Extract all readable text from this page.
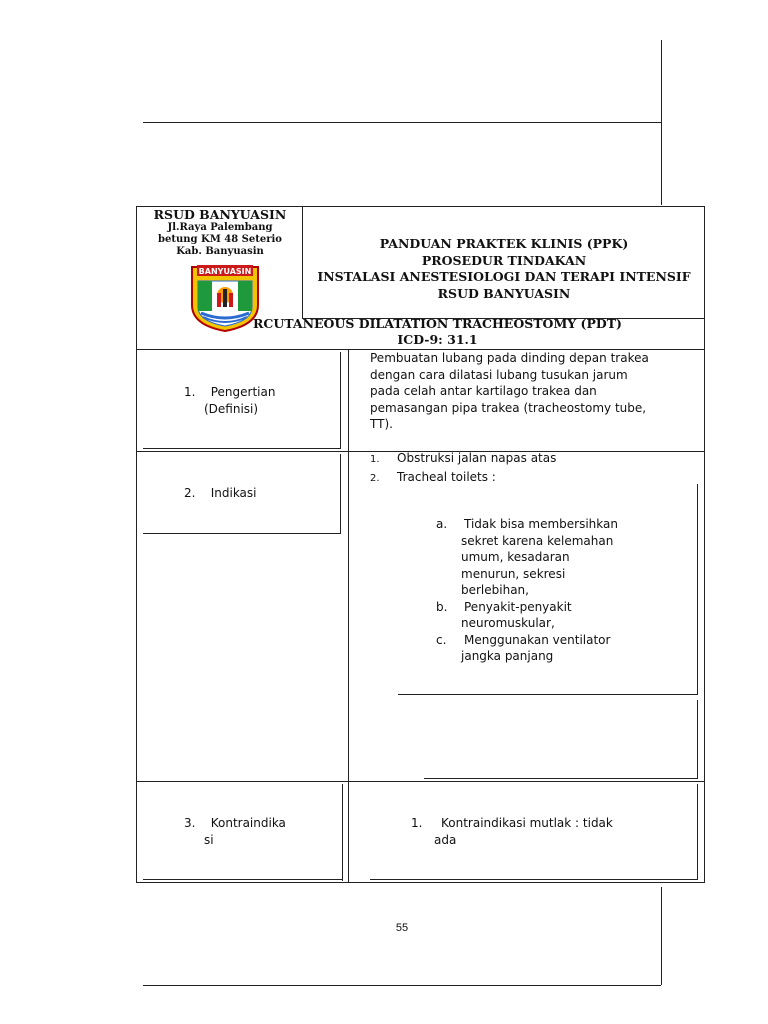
RSUD BANYUASIN
Jl.Raya Palembang
betung KM 48 Seterio
Kab. Banyuasin
BANYUASIN
PANDUAN PRAKTEK KLINIS (PPK)
PROSEDUR TINDAKAN
INSTALASI ANESTESIOLOGI DAN TERAPI INTENSIF
RSUD BANYUASIN
RCUTANEOUS DILATATION TRACHEOSTOMY (PDT)
ICD-9: 31.1
1. Pengertian
(Definisi)
Pembuatan lubang pada dinding depan trakea
dengan cara dilatasi lubang tusukan jarum
pada celah antar kartilago trakea dan
pemasangan pipa trakea (tracheostomy tube,
TT).
2. Indikasi
1. Obstruksi jalan napas atas
2. Tracheal toilets :
a. Tidak bisa membersihkan
sekret karena kelemahan
umum, kesadaran
menurun, sekresi
berlebihan,
b. Penyakit-penyakit
neuromuskular,
c. Menggunakan ventilator
jangka panjang
3. Kontraindika
si
1. Kontraindikasi mutlak : tidak
ada
55
